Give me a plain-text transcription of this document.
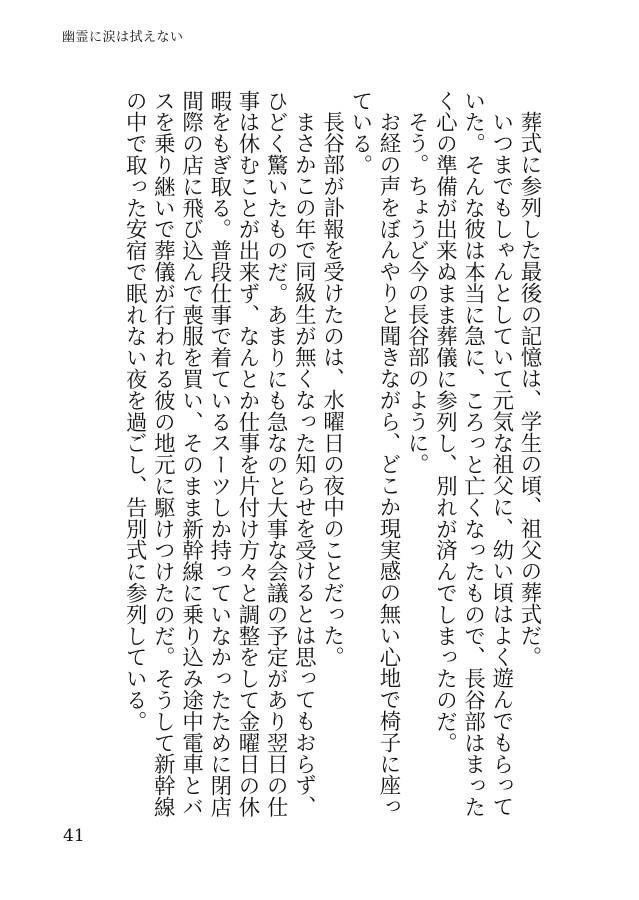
幽霊に涙は拭えない

葬式に参列した最後の記憶は、学生の頃、祖父の葬式だ。

いつまでもしゃんとしていて元気な祖父に、幼い頃はよく遊んでもらっていた。そんな彼は本当に急に、ころっと亡くなったもので、長谷部はまったく心の準備が出来ぬまま葬儀に参列し、別れが済んでしまったのだ。

そう。ちょうど今の長谷部のように。

お経の声をぼんやりと聞きながら、どこか現実感の無い心地で椅子に座っている。

長谷部が訃報を受けたのは、水曜日の夜中のことだった。

まさかこの年で同級生が無くなった知らせを受けるとは思ってもおらず、ひどく驚いたものだ。あまりにも急なのと大事な会議の予定があり翌日の仕事は休むことが出来ず、なんとか仕事を片付け方々と調整をして金曜日の休暇をもぎ取る。普段仕事で着ているスーツしか持っていなかったために閉店間際の店に飛び込んで喪服を買い、そのまま新幹線に乗り込み途中電車とバスを乗り継いで葬儀が行われる彼の地元に駆けつけたのだ。そうして新幹線の中で取った安宿で眠れない夜を過ごし、告別式に参列している。

41
